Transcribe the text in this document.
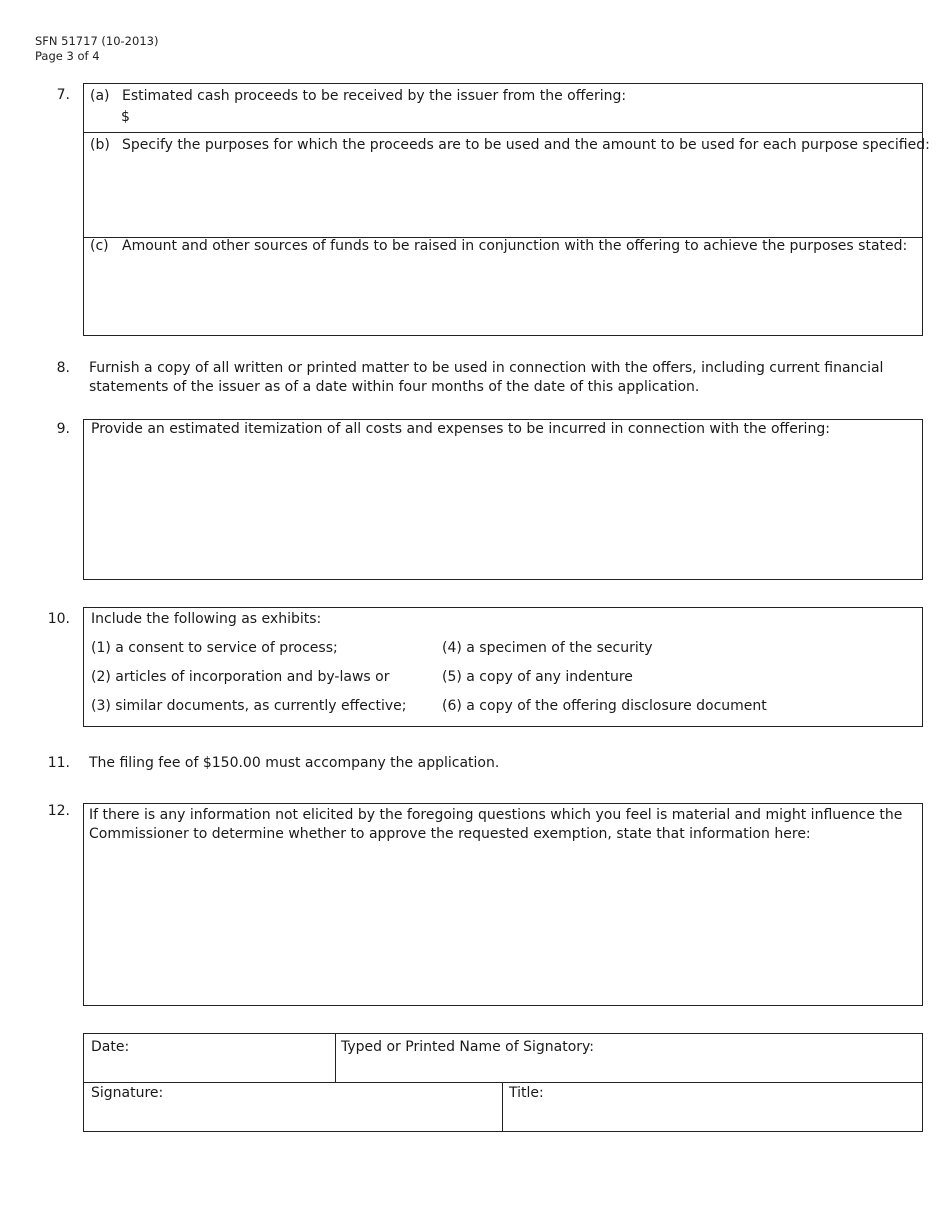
SFN 51717 (10-2013)
Page 3 of 4
7. (a) Estimated cash proceeds to be received by the issuer from the offering:
$
(b) Specify the purposes for which the proceeds are to be used and the amount to be used for each purpose specified:
(c) Amount and other sources of funds to be raised in conjunction with the offering to achieve the purposes stated:
8. Furnish a copy of all written or printed matter to be used in connection with the offers, including current financial
statements of the issuer as of a date within four months of the date of this application.
9. Provide an estimated itemization of all costs and expenses to be incurred in connection with the offering:
10. Include the following as exhibits:
(1) a consent to service of process;
(2) articles of incorporation and by-laws or
(3) similar documents, as currently effective;
(4) a specimen of the security
(5) a copy of any indenture
(6) a copy of the offering disclosure document
11. The filing fee of $150.00 must accompany the application.
12. If there is any information not elicited by the foregoing questions which you feel is material and might influence the
Commissioner to determine whether to approve the requested exemption, state that information here:
Date:	Typed or Printed Name of Signatory:
Signature:	Title:
